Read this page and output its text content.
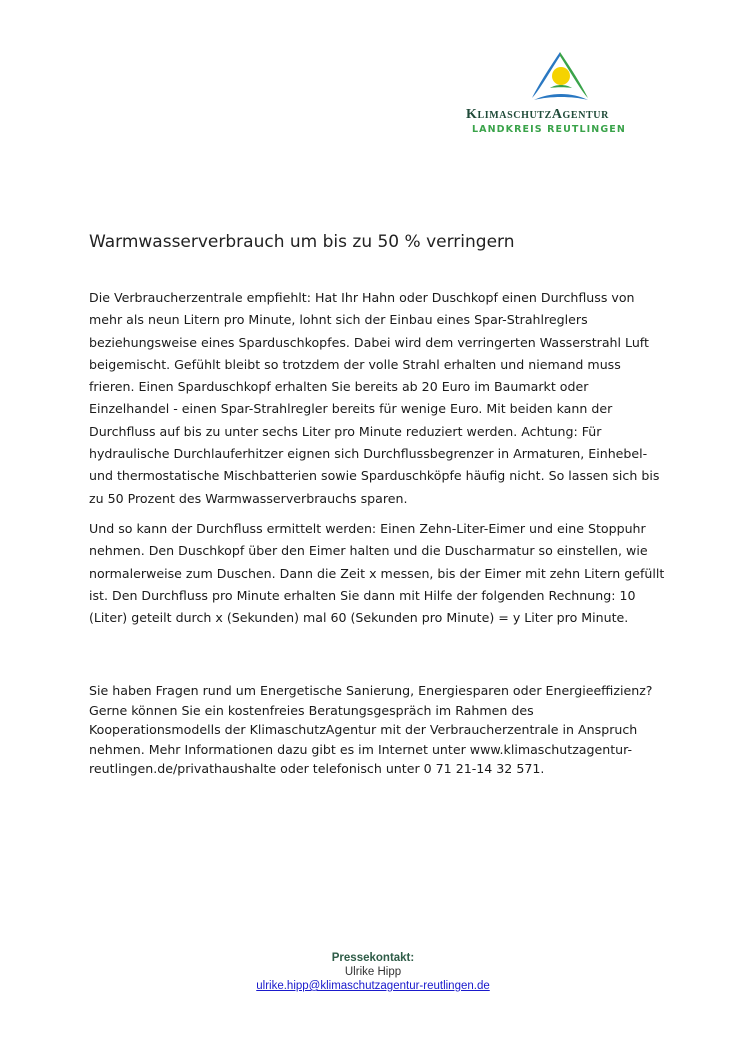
KlimaschutzAgentur
LANDKREIS REUTLINGEN
Warmwasserverbrauch um bis zu 50 % verringern

Die Verbraucherzentrale empfiehlt: Hat Ihr Hahn oder Duschkopf einen Durchfluss von mehr als neun Litern pro Minute, lohnt sich der Einbau eines Spar-Strahlreglers beziehungsweise eines Sparduschkopfes. Dabei wird dem verringerten Wasserstrahl Luft beigemischt. Gefühlt bleibt so trotzdem der volle Strahl erhalten und niemand muss frieren. Einen Sparduschkopf erhalten Sie bereits ab 20 Euro im Baumarkt oder Einzelhandel - einen Spar-Strahlregler bereits für wenige Euro. Mit beiden kann der Durchfluss auf bis zu unter sechs Liter pro Minute reduziert werden. Achtung: Für hydraulische Durchlauferhitzer eignen sich Durchflussbegrenzer in Armaturen, Einhebel- und thermostatische Mischbatterien sowie Sparduschköpfe häufig nicht. So lassen sich bis zu 50 Prozent des Warmwasserverbrauchs sparen.

Und so kann der Durchfluss ermittelt werden: Einen Zehn-Liter-Eimer und eine Stoppuhr nehmen. Den Duschkopf über den Eimer halten und die Duscharmatur so einstellen, wie normalerweise zum Duschen. Dann die Zeit x messen, bis der Eimer mit zehn Litern gefüllt ist. Den Durchfluss pro Minute erhalten Sie dann mit Hilfe der folgenden Rechnung: 10 (Liter) geteilt durch x (Sekunden) mal 60 (Sekunden pro Minute) = y Liter pro Minute.

Sie haben Fragen rund um Energetische Sanierung, Energiesparen oder Energieeffizienz? Gerne können Sie ein kostenfreies Beratungsgespräch im Rahmen des Kooperationsmodells der KlimaschutzAgentur mit der Verbraucherzentrale in Anspruch nehmen. Mehr Informationen dazu gibt es im Internet unter www.klimaschutzagentur-reutlingen.de/privathaushalte oder telefonisch unter 0 71 21-14 32 571.

Pressekontakt:
Ulrike Hipp
ulrike.hipp@klimaschutzagentur-reutlingen.de
